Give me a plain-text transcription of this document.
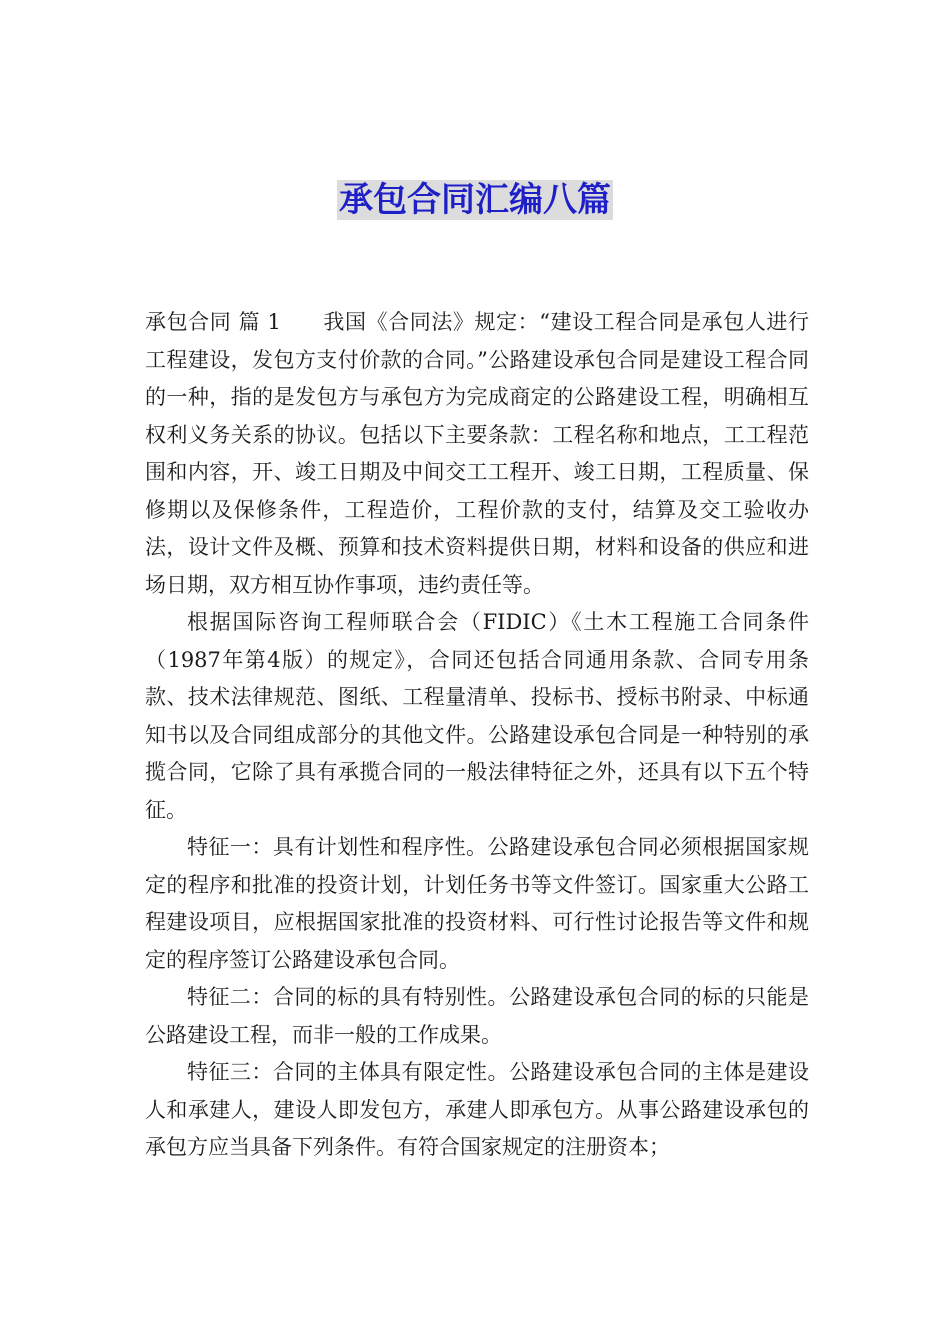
承包合同汇编八篇

承包合同 篇 1 我国《合同法》规定：“建设工程合同是承包人进行工程建设，发包方支付价款的合同。”公路建设承包合同是建设工程合同的一种，指的是发包方与承包方为完成商定的公路建设工程，明确相互权利义务关系的协议。包括以下主要条款：工程名称和地点，工工程范围和内容，开、竣工日期及中间交工工程开、竣工日期，工程质量、保修期以及保修条件，工程造价，工程价款的支付，结算及交工验收办法，设计文件及概、预算和技术资料提供日期，材料和设备的供应和进场日期，双方相互协作事项，违约责任等。

根据国际咨询工程师联合会（FIDIC）《土木工程施工合同条件（1987年第4版）的规定》，合同还包括合同通用条款、合同专用条款、技术法律规范、图纸、工程量清单、投标书、授标书附录、中标通知书以及合同组成部分的其他文件。公路建设承包合同是一种特别的承揽合同，它除了具有承揽合同的一般法律特征之外，还具有以下五个特征。

特征一：具有计划性和程序性。公路建设承包合同必须根据国家规定的程序和批准的投资计划，计划任务书等文件签订。国家重大公路工程建设项目，应根据国家批准的投资材料、可行性讨论报告等文件和规定的程序签订公路建设承包合同。

特征二：合同的标的具有特别性。公路建设承包合同的标的只能是公路建设工程，而非一般的工作成果。

特征三：合同的主体具有限定性。公路建设承包合同的主体是建设人和承建人，建设人即发包方，承建人即承包方。从事公路建设承包的承包方应当具备下列条件。有符合国家规定的注册资本；
